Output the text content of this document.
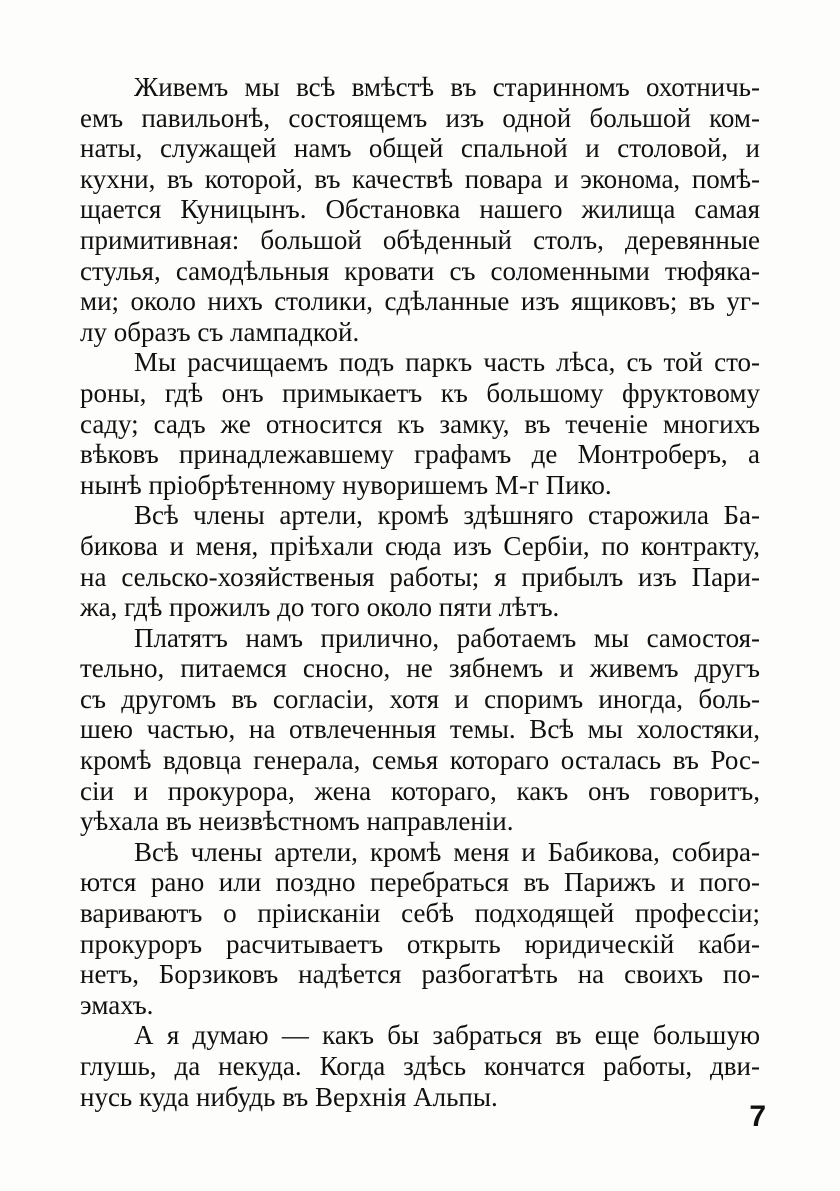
Живемъ мы всѣ вмѣстѣ въ старинномъ охотничь-
емъ павильонѣ, состоящемъ изъ одной большой ком-
наты, служащей намъ общей спальной и столовой, и
кухни, въ которой, въ качествѣ повара и эконома, помѣ-
щается Куницынъ. Обстановка нашего жилища самая
примитивная: большой обѣденный столъ, деревянные
стулья, самодѣльныя кровати съ соломенными тюфяка-
ми; около нихъ столики, сдѣланные изъ ящиковъ; въ уг-
лу образъ съ лампадкой.
Мы расчищаемъ подъ паркъ часть лѣса, съ той сто-
роны, гдѣ онъ примыкаетъ къ большому фруктовому
саду; садъ же относится къ замку, въ теченіе многихъ
вѣковъ принадлежавшему графамъ де Монтроберъ, а
нынѣ пріобрѣтенному нуворишемъ М-г Пико.
Всѣ члены артели, кромѣ здѣшняго старожила Ба-
бикова и меня, пріѣхали сюда изъ Сербіи, по контракту,
на сельско-хозяйственыя работы; я прибылъ изъ Пари-
жа, гдѣ прожилъ до того около пяти лѣтъ.
Платятъ намъ прилично, работаемъ мы самостоя-
тельно, питаемся сносно, не зябнемъ и живемъ другъ
съ другомъ въ согласіи, хотя и споримъ иногда, боль-
шею частью, на отвлеченныя темы. Всѣ мы холостяки,
кромѣ вдовца генерала, семья котораго осталась въ Рос-
сіи и прокурора, жена котораго, какъ онъ говоритъ,
уѣхала въ неизвѣстномъ направленіи.
Всѣ члены артели, кромѣ меня и Бабикова, собира-
ются рано или поздно перебраться въ Парижъ и пого-
вариваютъ о прiисканiи себѣ подходящей профессiи;
прокуроръ расчитываетъ открыть юридическій каби-
нетъ, Борзиковъ надѣется разбогатѣть на своихъ по-
эмахъ.
А я думаю — какъ бы забраться въ еще большую
глушь, да некуда. Когда здѣсь кончатся работы, дви-
нусь куда нибудь въ Верхнія Альпы.
7
